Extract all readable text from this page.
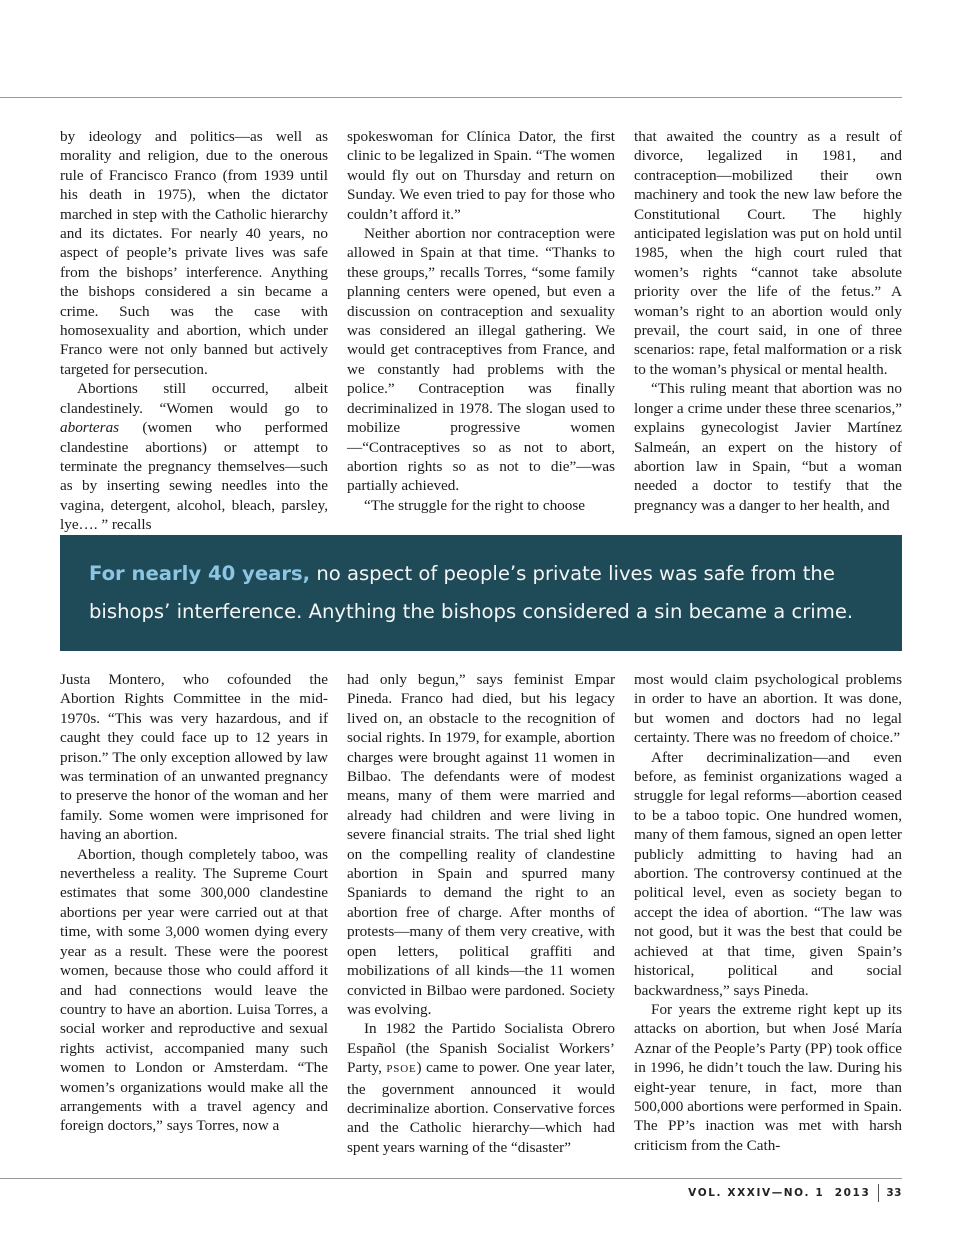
by ideology and politics—as well as morality and religion, due to the onerous rule of Francisco Franco (from 1939 until his death in 1975), when the dictator marched in step with the Catholic hierarchy and its dictates. For nearly 40 years, no aspect of people’s private lives was safe from the bishops’ interference. Anything the bishops considered a sin became a crime. Such was the case with homosexuality and abortion, which under Franco were not only banned but actively targeted for persecution.

Abortions still occurred, albeit clandestinely. “Women would go to aborteras (women who performed clandestine abortions) or attempt to terminate the pregnancy themselves—such as by inserting sewing needles into the vagina, detergent, alcohol, bleach, parsley, lye…. ” recalls

spokeswoman for Clínica Dator, the first clinic to be legalized in Spain. “The women would fly out on Thursday and return on Sunday. We even tried to pay for those who couldn’t afford it.”

Neither abortion nor contraception were allowed in Spain at that time. “Thanks to these groups,” recalls Torres, “some family planning centers were opened, but even a discussion on contraception and sexuality was considered an illegal gathering. We would get contraceptives from France, and we constantly had problems with the police.” Contraception was finally decriminalized in 1978. The slogan used to mobilize progressive women—“Contraceptives so as not to abort, abortion rights so as not to die”—was partially achieved.

“The struggle for the right to choose

that awaited the country as a result of divorce, legalized in 1981, and contraception—mobilized their own machinery and took the new law before the Constitutional Court. The highly anticipated legislation was put on hold until 1985, when the high court ruled that women’s rights “cannot take absolute priority over the life of the fetus.” A woman’s right to an abortion would only prevail, the court said, in one of three scenarios: rape, fetal malformation or a risk to the woman’s physical or mental health.

“This ruling meant that abortion was no longer a crime under these three scenarios,” explains gynecologist Javier Martínez Salmeán, an expert on the history of abortion law in Spain, “but a woman needed a doctor to testify that the pregnancy was a danger to her health, and

For nearly 40 years, no aspect of people’s private lives was safe from the
bishops’ interference. Anything the bishops considered a sin became a crime.

Justa Montero, who cofounded the Abortion Rights Committee in the mid-1970s. “This was very hazardous, and if caught they could face up to 12 years in prison.” The only exception allowed by law was termination of an unwanted pregnancy to preserve the honor of the woman and her family. Some women were imprisoned for having an abortion.

Abortion, though completely taboo, was nevertheless a reality. The Supreme Court estimates that some 300,000 clandestine abortions per year were carried out at that time, with some 3,000 women dying every year as a result. These were the poorest women, because those who could afford it and had connections would leave the country to have an abortion. Luisa Torres, a social worker and reproductive and sexual rights activist, accompanied many such women to London or Amsterdam. “The women’s organizations would make all the arrangements with a travel agency and foreign doctors,” says Torres, now a

had only begun,” says feminist Empar Pineda. Franco had died, but his legacy lived on, an obstacle to the recognition of social rights. In 1979, for example, abortion charges were brought against 11 women in Bilbao. The defendants were of modest means, many of them were married and already had children and were living in severe financial straits. The trial shed light on the compelling reality of clandestine abortion in Spain and spurred many Spaniards to demand the right to an abortion free of charge. After months of protests—many of them very creative, with open letters, political graffiti and mobilizations of all kinds—the 11 women convicted in Bilbao were pardoned. Society was evolving.

In 1982 the Partido Socialista Obrero Español (the Spanish Socialist Workers’ Party, PSOE) came to power. One year later, the government announced it would decriminalize abortion. Conservative forces and the Catholic hierarchy—which had spent years warning of the “disaster”

most would claim psychological problems in order to have an abortion. It was done, but women and doctors had no legal certainty. There was no freedom of choice.”

After decriminalization—and even before, as feminist organizations waged a struggle for legal reforms—abortion ceased to be a taboo topic. One hundred women, many of them famous, signed an open letter publicly admitting to having had an abortion. The controversy continued at the political level, even as society began to accept the idea of abortion. “The law was not good, but it was the best that could be achieved at that time, given Spain’s historical, political and social backwardness,” says Pineda.

For years the extreme right kept up its attacks on abortion, but when José María Aznar of the People’s Party (PP) took office in 1996, he didn’t touch the law. During his eight-year tenure, in fact, more than 500,000 abortions were performed in Spain. The PP’s inaction was met with harsh criticism from the Cath-

VOL. XXXIV—NO. 1  2013 33
